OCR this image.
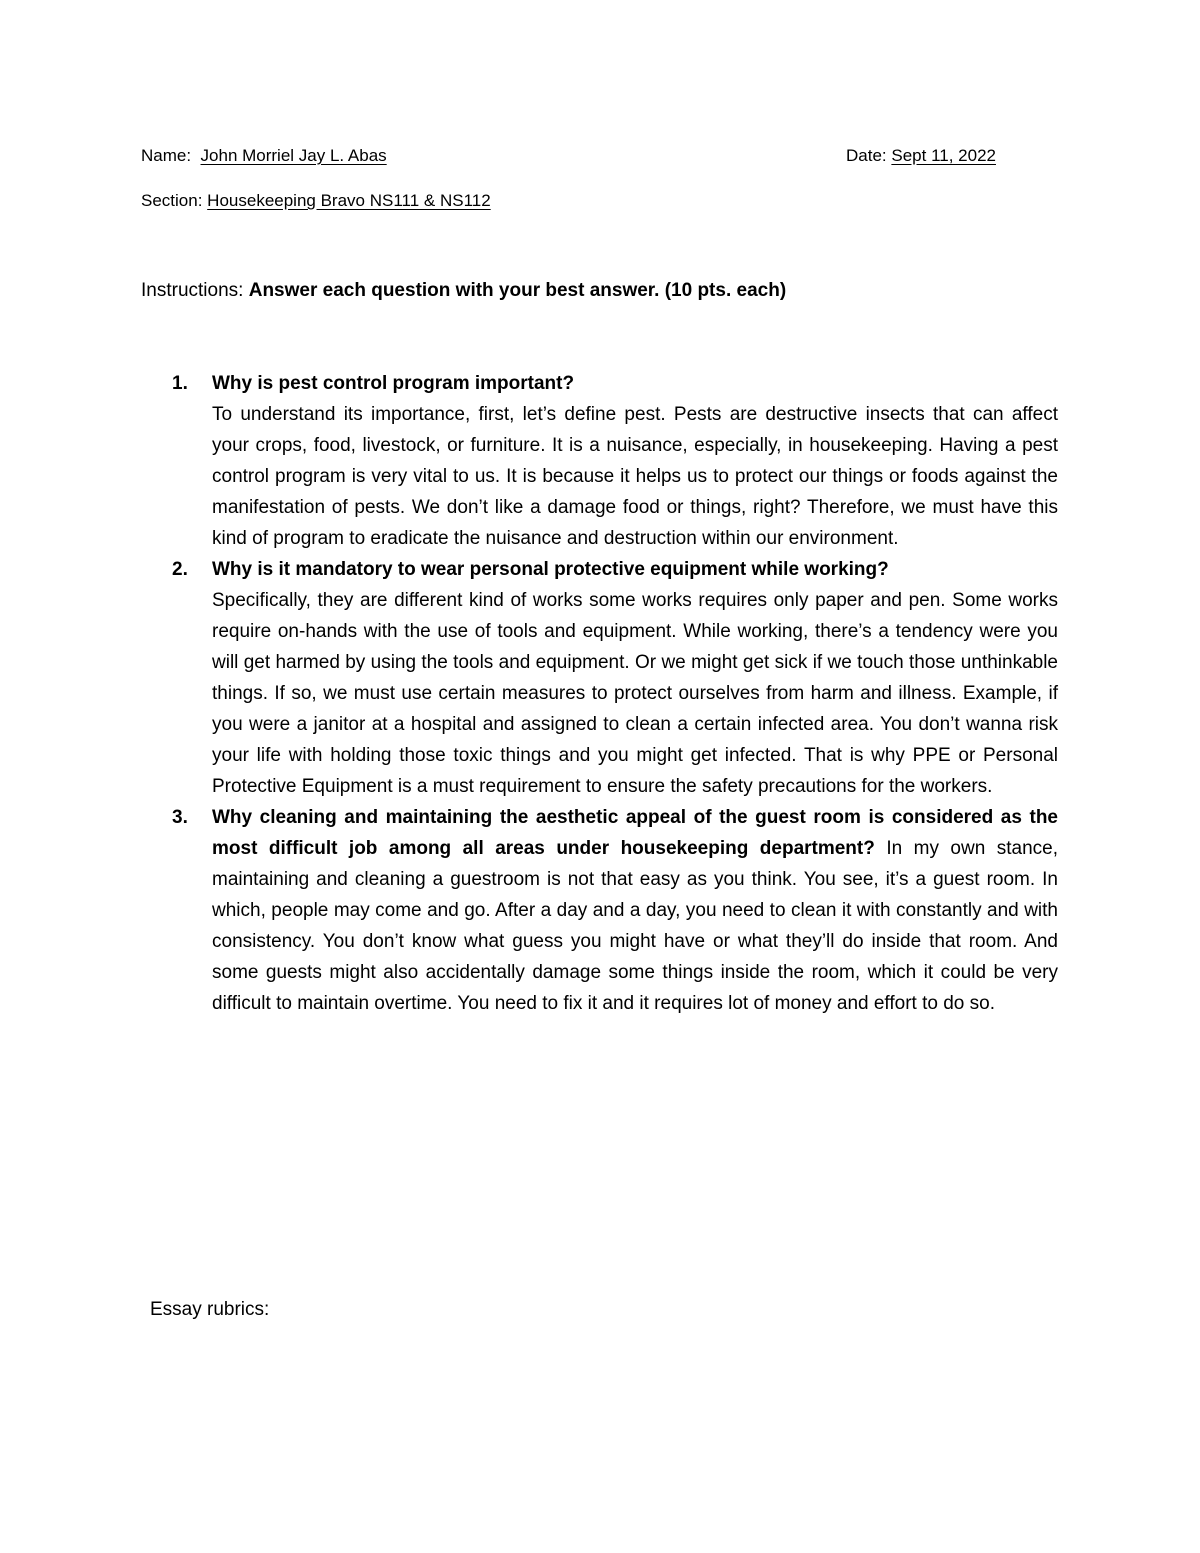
Name: John Morriel Jay L. Abas	Date: Sept 11, 2022
Section: Housekeeping Bravo NS111 & NS112
Instructions: Answer each question with your best answer. (10 pts. each)
1. Why is pest control program important?
To understand its importance, first, let’s define pest. Pests are destructive insects that can affect your crops, food, livestock, or furniture. It is a nuisance, especially, in housekeeping. Having a pest control program is very vital to us. It is because it helps us to protect our things or foods against the manifestation of pests. We don’t like a damage food or things, right? Therefore, we must have this kind of program to eradicate the nuisance and destruction within our environment.
2. Why is it mandatory to wear personal protective equipment while working?
Specifically, they are different kind of works some works requires only paper and pen. Some works require on-hands with the use of tools and equipment. While working, there’s a tendency were you will get harmed by using the tools and equipment. Or we might get sick if we touch those unthinkable things. If so, we must use certain measures to protect ourselves from harm and illness. Example, if you were a janitor at a hospital and assigned to clean a certain infected area. You don’t wanna risk your life with holding those toxic things and you might get infected. That is why PPE or Personal Protective Equipment is a must requirement to ensure the safety precautions for the workers.
3. Why cleaning and maintaining the aesthetic appeal of the guest room is considered as the most difficult job among all areas under housekeeping department? In my own stance, maintaining and cleaning a guestroom is not that easy as you think. You see, it’s a guest room. In which, people may come and go. After a day and a day, you need to clean it with constantly and with consistency. You don’t know what guess you might have or what they’ll do inside that room. And some guests might also accidentally damage some things inside the room, which it could be very difficult to maintain overtime. You need to fix it and it requires lot of money and effort to do so.
Essay rubrics:
